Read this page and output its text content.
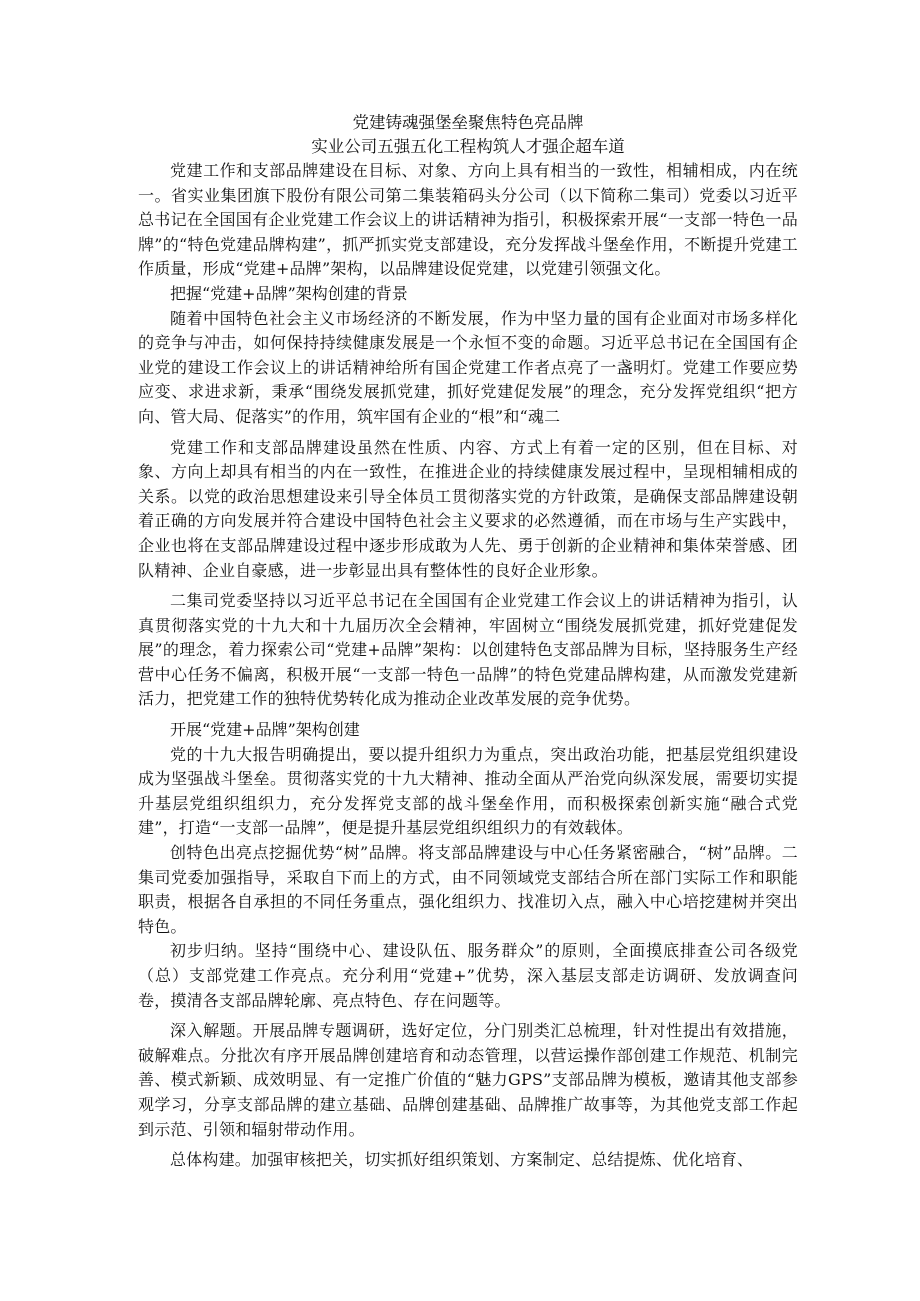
党建铸魂强堡垒聚焦特色亮品牌

实业公司五强五化工程构筑人才强企超车道

党建工作和支部品牌建设在目标、对象、方向上具有相当的一致性，相辅相成，内在统一。省实业集团旗下股份有限公司第二集装箱码头分公司（以下简称二集司）党委以习近平总书记在全国国有企业党建工作会议上的讲话精神为指引，积极探索开展“一支部一特色一品牌”的“特色党建品牌构建”，抓严抓实党支部建设，充分发挥战斗堡垒作用，不断提升党建工作质量，形成“党建+品牌”架构，以品牌建设促党建，以党建引领强文化。

把握“党建+品牌”架构创建的背景

随着中国特色社会主义市场经济的不断发展，作为中坚力量的国有企业面对市场多样化的竞争与冲击，如何保持持续健康发展是一个永恒不变的命题。习近平总书记在全国国有企业党的建设工作会议上的讲话精神给所有国企党建工作者点亮了一盏明灯。党建工作要应势应变、求进求新，秉承“围绕发展抓党建，抓好党建促发展”的理念，充分发挥党组织“把方向、管大局、促落实”的作用，筑牢国有企业的“根”和“魂二

党建工作和支部品牌建设虽然在性质、内容、方式上有着一定的区别，但在目标、对象、方向上却具有相当的内在一致性，在推进企业的持续健康发展过程中，呈现相辅相成的关系。以党的政治思想建设来引导全体员工贯彻落实党的方针政策，是确保支部品牌建设朝着正确的方向发展并符合建设中国特色社会主义要求的必然遵循，而在市场与生产实践中，企业也将在支部品牌建设过程中逐步形成敢为人先、勇于创新的企业精神和集体荣誉感、团队精神、企业自豪感，进一步彰显出具有整体性的良好企业形象。

二集司党委坚持以习近平总书记在全国国有企业党建工作会议上的讲话精神为指引，认真贯彻落实党的十九大和十九届历次全会精神，牢固树立“围绕发展抓党建，抓好党建促发展”的理念，着力探索公司“党建+品牌”架构：以创建特色支部品牌为目标，坚持服务生产经营中心任务不偏离，积极开展“一支部一特色一品牌”的特色党建品牌构建，从而激发党建新活力，把党建工作的独特优势转化成为推动企业改革发展的竞争优势。

开展“党建+品牌”架构创建

党的十九大报告明确提出，要以提升组织力为重点，突出政治功能，把基层党组织建设成为坚强战斗堡垒。贯彻落实党的十九大精神、推动全面从严治党向纵深发展，需要切实提升基层党组织组织力，充分发挥党支部的战斗堡垒作用，而积极探索创新实施“融合式党建”，打造“一支部一品牌”，便是提升基层党组织组织力的有效载体。

创特色出亮点挖掘优势“树”品牌。将支部品牌建设与中心任务紧密融合，“树”品牌。二集司党委加强指导，采取自下而上的方式，由不同领域党支部结合所在部门实际工作和职能职责，根据各自承担的不同任务重点，强化组织力、找准切入点，融入中心培挖建树并突出特色。

初步归纳。坚持“围绕中心、建设队伍、服务群众”的原则，全面摸底排查公司各级党（总）支部党建工作亮点。充分利用“党建+”优势，深入基层支部走访调研、发放调查问卷，摸清各支部品牌轮廓、亮点特色、存在问题等。

深入解题。开展品牌专题调研，选好定位，分门别类汇总梳理，针对性提出有效措施，破解难点。分批次有序开展品牌创建培育和动态管理，以营运操作部创建工作规范、机制完善、模式新颖、成效明显、有一定推广价值的“魅力GPS”支部品牌为模板，邀请其他支部参观学习，分享支部品牌的建立基础、品牌创建基础、品牌推广故事等，为其他党支部工作起到示范、引领和辐射带动作用。

总体构建。加强审核把关，切实抓好组织策划、方案制定、总结提炼、优化培育、
